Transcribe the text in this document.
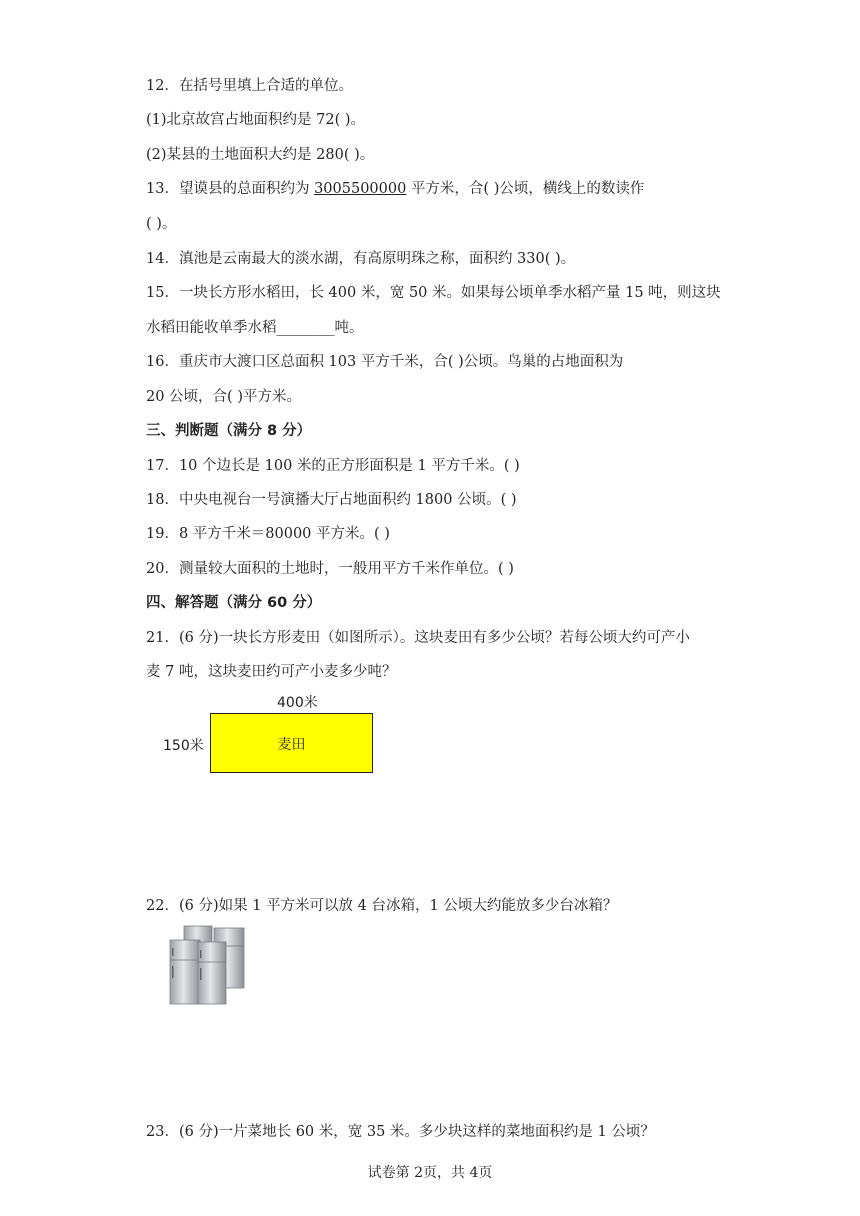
12．在括号里填上合适的单位。
(1)北京故宫占地面积约是 72( )。
(2)某县的土地面积大约是 280( )。
13．望谟县的总面积约为 3005500000 平方米，合( )公顷，横线上的数读作
( )。
14．滇池是云南最大的淡水湖，有高原明珠之称，面积约 330( )。
15．一块长方形水稻田，长 400 米，宽 50 米。如果每公顷单季水稻产量 15 吨，则这块
水稻田能收单季水稻________吨。
16．重庆市大渡口区总面积 103 平方千米，合( )公顷。鸟巢的占地面积为
20 公顷，合( )平方米。
三、判断题（满分 8 分）
17．10 个边长是 100 米的正方形面积是 1 平方千米。( )
18．中央电视台一号演播大厅占地面积约 1800 公顷。( )
19．8 平方千米＝80000 平方米。( )
20．测量较大面积的土地时，一般用平方千米作单位。( )
四、解答题（满分 60 分）
21．(6 分)一块长方形麦田（如图所示）。这块麦田有多少公顷？若每公顷大约可产小
麦 7 吨，这块麦田约可产小麦多少吨？
400米
150米	麦田
22．(6 分)如果 1 平方米可以放 4 台冰箱，1 公顷大约能放多少台冰箱？
23．(6 分)一片菜地长 60 米，宽 35 米。多少块这样的菜地面积约是 1 公顷？
试卷第 2页，共 4页
